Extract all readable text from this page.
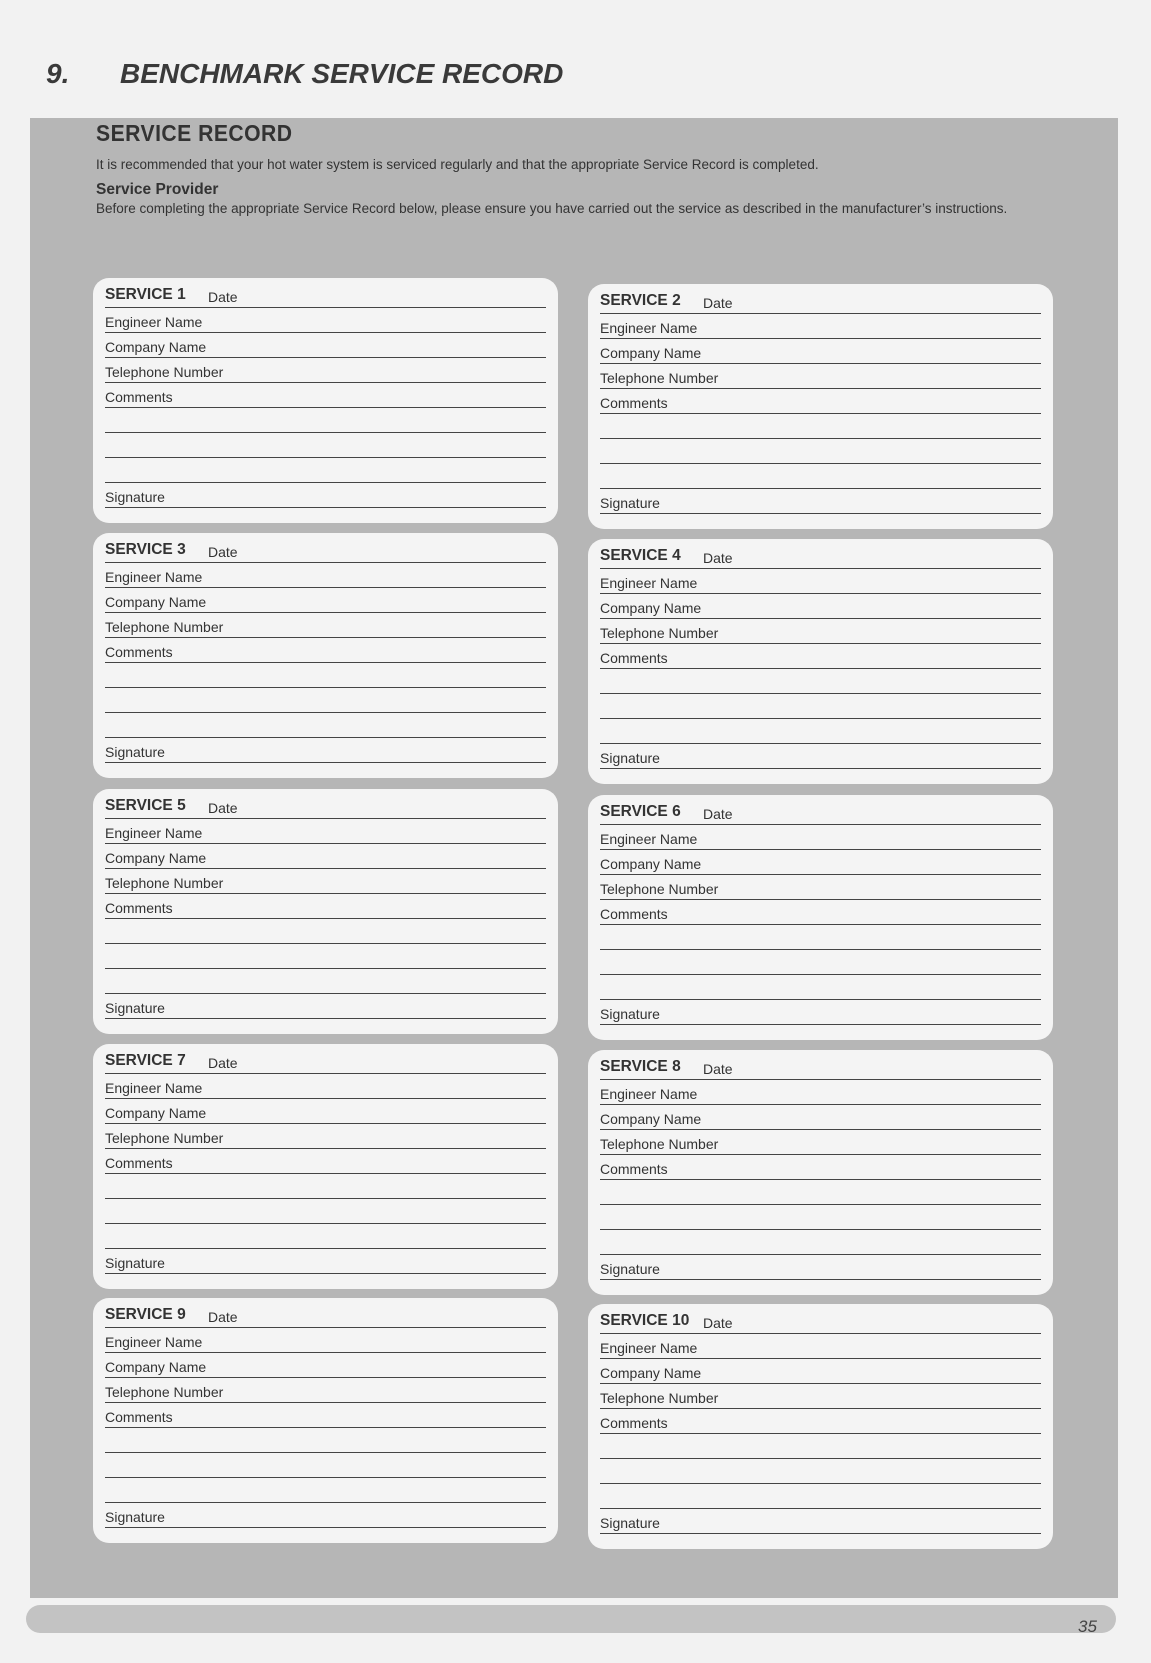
9. BENCHMARK SERVICE RECORD
SERVICE RECORD
It is recommended that your hot water system is serviced regularly and that the appropriate Service Record is completed.
Service Provider
Before completing the appropriate Service Record below, please ensure you have carried out the service as described in the manufacturer’s instructions.
SERVICE 1 Date
Engineer Name
Company Name
Telephone Number
Comments
Signature
SERVICE 2 Date
Engineer Name
Company Name
Telephone Number
Comments
Signature
SERVICE 3 Date
Engineer Name
Company Name
Telephone Number
Comments
Signature
SERVICE 4 Date
Engineer Name
Company Name
Telephone Number
Comments
Signature
SERVICE 5 Date
Engineer Name
Company Name
Telephone Number
Comments
Signature
SERVICE 6 Date
Engineer Name
Company Name
Telephone Number
Comments
Signature
SERVICE 7 Date
Engineer Name
Company Name
Telephone Number
Comments
Signature
SERVICE 8 Date
Engineer Name
Company Name
Telephone Number
Comments
Signature
SERVICE 9 Date
Engineer Name
Company Name
Telephone Number
Comments
Signature
SERVICE 10 Date
Engineer Name
Company Name
Telephone Number
Comments
Signature
35
